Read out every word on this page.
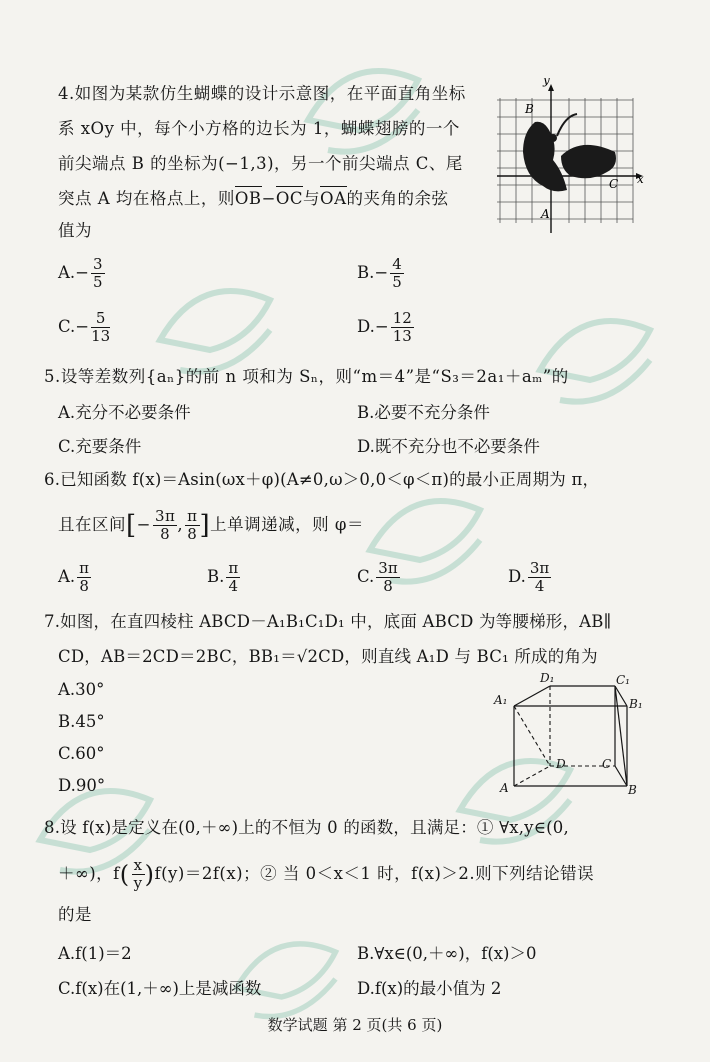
4.如图为某款仿生蝴蝶的设计示意图，在平面直角坐标
系 xOy 中，每个小方格的边长为 1，蝴蝶翅膀的一个
前尖端点 B 的坐标为(−1,3)，另一个前尖端点 C、尾
突点 A 均在格点上，则
OB−
OC与
OA的夹角的余弦
值为
y
x
B
C
A
$A.- \frac{3}{5}$	$B.- \frac{4}{5}$
$C.- \frac{5}{13}$	$D.- \frac{12}{13}$
5.设等差数列{aₙ}的前 n 项和为 Sₙ，则“m＝4”是“S₃＝2a₁＋aₘ”的
A.充分不必要条件	B.必要不充分条件
C.充要条件	D.既不充分也不必要条件
6.已知函数 f(x)＝Asin(ωx＋φ)(A≠0,ω＞0,0＜φ＜π)的最小正周期为 π，
且在区间[− $\frac{3\pi}{8}$ , $\frac{\pi}{8}$ ]上单调递减，则 φ＝
A. $\frac{\pi}{8}$	B. $\frac{\pi}{4}$	C. $\frac{3\pi}{8}$	D. $\frac{3\pi}{4}$
7.如图，在直四棱柱 ABCD－A₁B₁C₁D₁ 中，底面 ABCD 为等腰梯形，AB∥
CD，AB＝2CD＝2BC，BB₁＝√2CD，则直线 A₁D 与 BC₁ 所成的角为
A.30°
B.45°
C.60°
D.90°
A₁
D₁	C₁
B₁
D	C
A	B
8.设 f(x)是定义在(0,＋∞)上的不恒为 0 的函数，且满足：① ∀x,y∈(0,
＋∞)，$f( \frac{x}{y} )f(y)=2f(x)$；② 当 0＜x＜1 时，f(x)＞2.则下列结论错误
的是
A.f(1)＝2	B.∀x∈(0,＋∞)，f(x)＞0
C.f(x)在(1,＋∞)上是减函数	D.f(x)的最小值为 2
数学试题 第 2 页(共 6 页)
